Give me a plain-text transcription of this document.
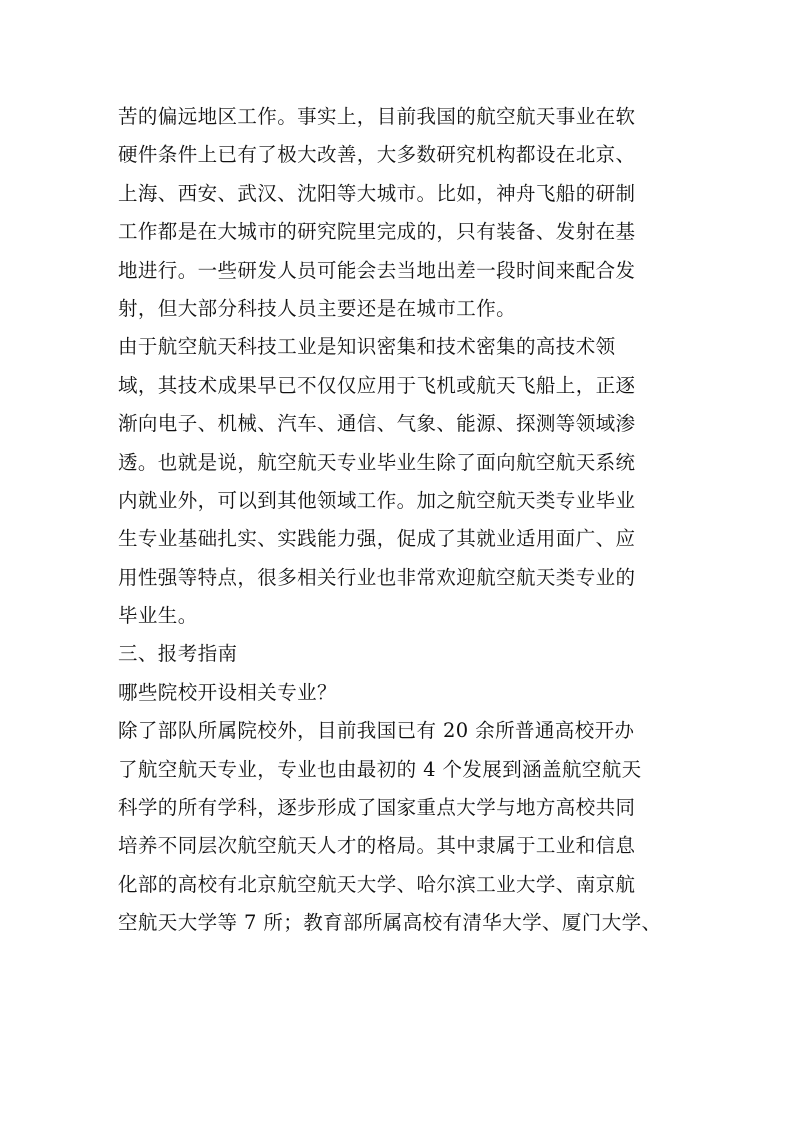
苦的偏远地区工作。事实上，目前我国的航空航天事业在软
硬件条件上已有了极大改善，大多数研究机构都设在北京、
上海、西安、武汉、沈阳等大城市。比如，神舟飞船的研制
工作都是在大城市的研究院里完成的，只有装备、发射在基
地进行。一些研发人员可能会去当地出差一段时间来配合发
射，但大部分科技人员主要还是在城市工作。
由于航空航天科技工业是知识密集和技术密集的高技术领
域，其技术成果早已不仅仅应用于飞机或航天飞船上，正逐
渐向电子、机械、汽车、通信、气象、能源、探测等领域渗
透。也就是说，航空航天专业毕业生除了面向航空航天系统
内就业外，可以到其他领域工作。加之航空航天类专业毕业
生专业基础扎实、实践能力强，促成了其就业适用面广、应
用性强等特点，很多相关行业也非常欢迎航空航天类专业的
毕业生。
三、报考指南
哪些院校开设相关专业？
除了部队所属院校外，目前我国已有 20 余所普通高校开办
了航空航天专业，专业也由最初的 4 个发展到涵盖航空航天
科学的所有学科，逐步形成了国家重点大学与地方高校共同
培养不同层次航空航天人才的格局。其中隶属于工业和信息
化部的高校有北京航空航天大学、哈尔滨工业大学、南京航
空航天大学等 7 所；教育部所属高校有清华大学、厦门大学、
